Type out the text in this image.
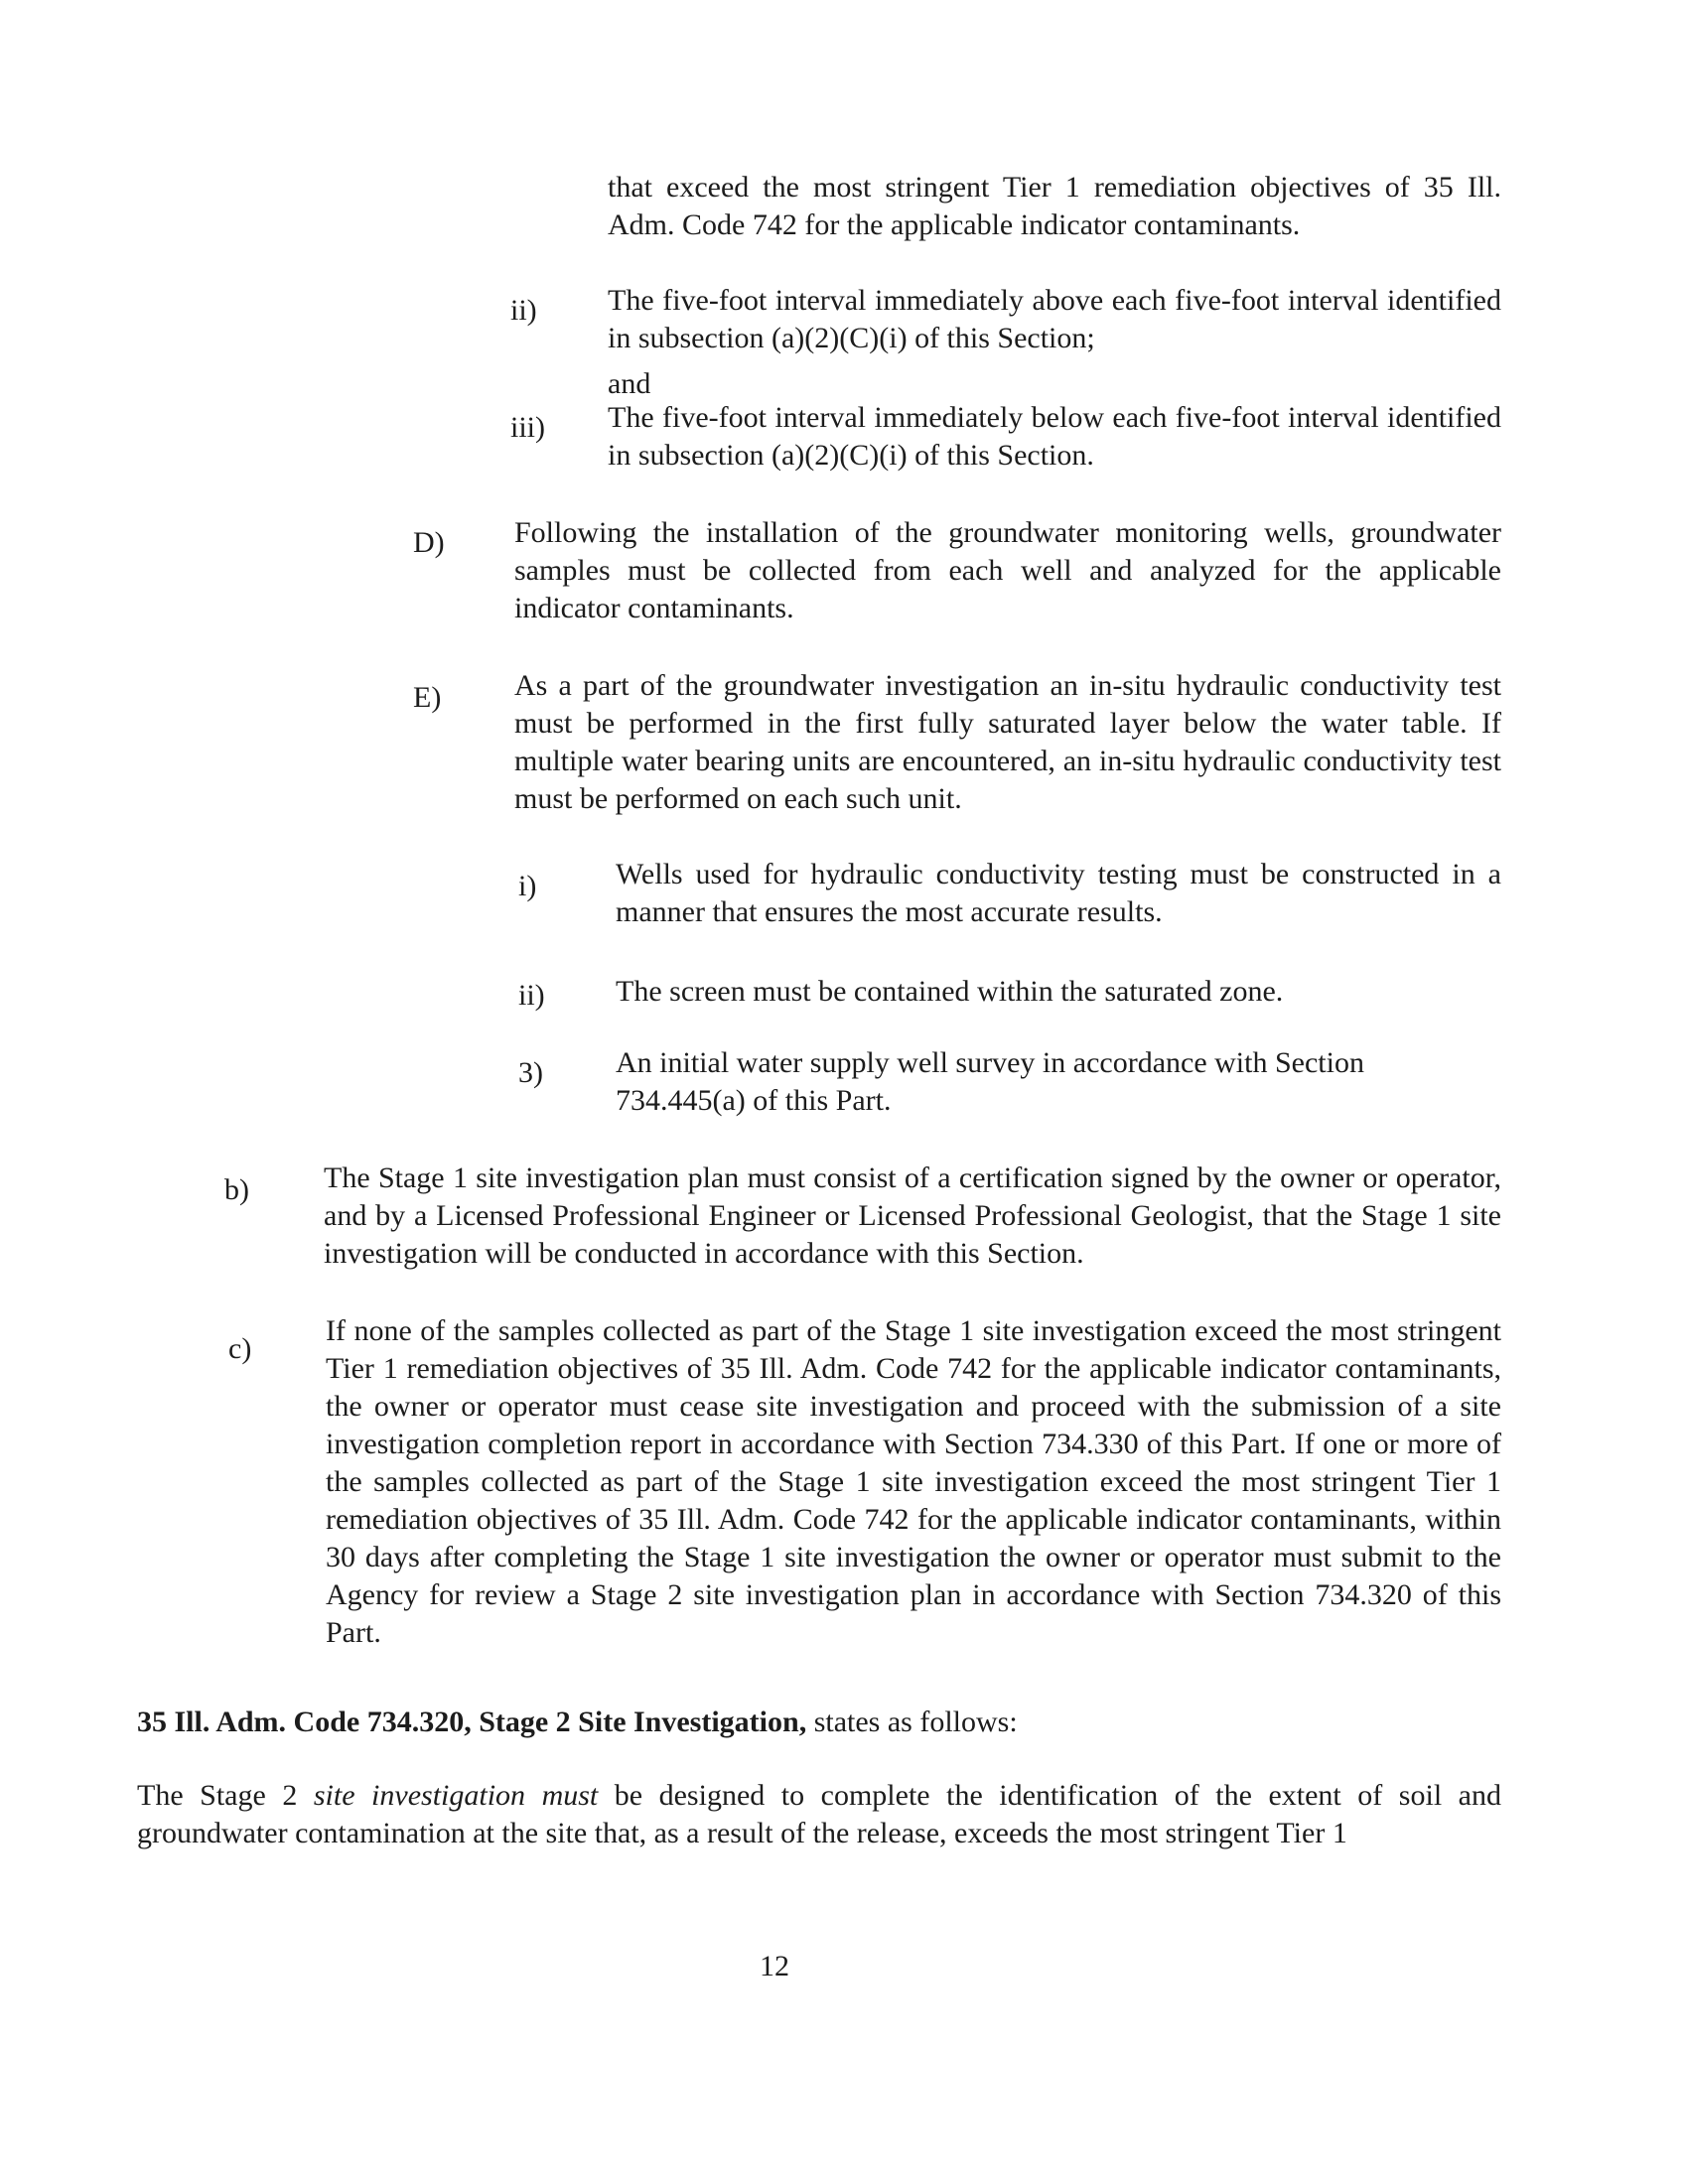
that exceed the most stringent Tier 1 remediation objectives of 35 Ill. Adm. Code 742 for the applicable indicator contaminants.

ii) The five-foot interval immediately above each five-foot interval identified in subsection (a)(2)(C)(i) of this Section;

and

iii) The five-foot interval immediately below each five-foot interval identified in subsection (a)(2)(C)(i) of this Section.

D) Following the installation of the groundwater monitoring wells, groundwater samples must be collected from each well and analyzed for the applicable indicator contaminants.

E) As a part of the groundwater investigation an in-situ hydraulic conductivity test must be performed in the first fully saturated layer below the water table. If multiple water bearing units are encountered, an in-situ hydraulic conductivity test must be performed on each such unit.

i)	Wells used for hydraulic conductivity testing must be constructed in a manner that ensures the most accurate results.

ii) The screen must be contained within the saturated zone.

3) An initial water supply well survey in accordance with Section 734.445(a) of this Part.

b)	The Stage 1 site investigation plan must consist of a certification signed by the owner or operator, and by a Licensed Professional Engineer or Licensed Professional Geologist, that the Stage 1 site investigation will be conducted in accordance with this Section.

c)

If none of the samples collected as part of the Stage 1 site investigation exceed the most stringent Tier 1 remediation objectives of 35 Ill. Adm. Code 742 for the applicable indicator contaminants, the owner or operator must cease site investigation and proceed with the submission of a site investigation completion report in accordance with Section 734.330 of this Part. If one or more of the samples collected as part of the Stage 1 site investigation exceed the most stringent Tier 1 remediation objectives of 35 Ill. Adm. Code 742 for the applicable indicator contaminants, within 30 days after completing the Stage 1 site investigation the owner or operator must submit to the Agency for review a Stage 2 site investigation plan in accordance with Section 734.320 of this Part.

35 Ill. Adm. Code 734.320, Stage 2 Site Investigation, states as follows:

The Stage 2 site investigation must be designed to complete the identification of the extent of soil and groundwater contamination at the site that, as a result of the release, exceeds the most stringent Tier 1

12
